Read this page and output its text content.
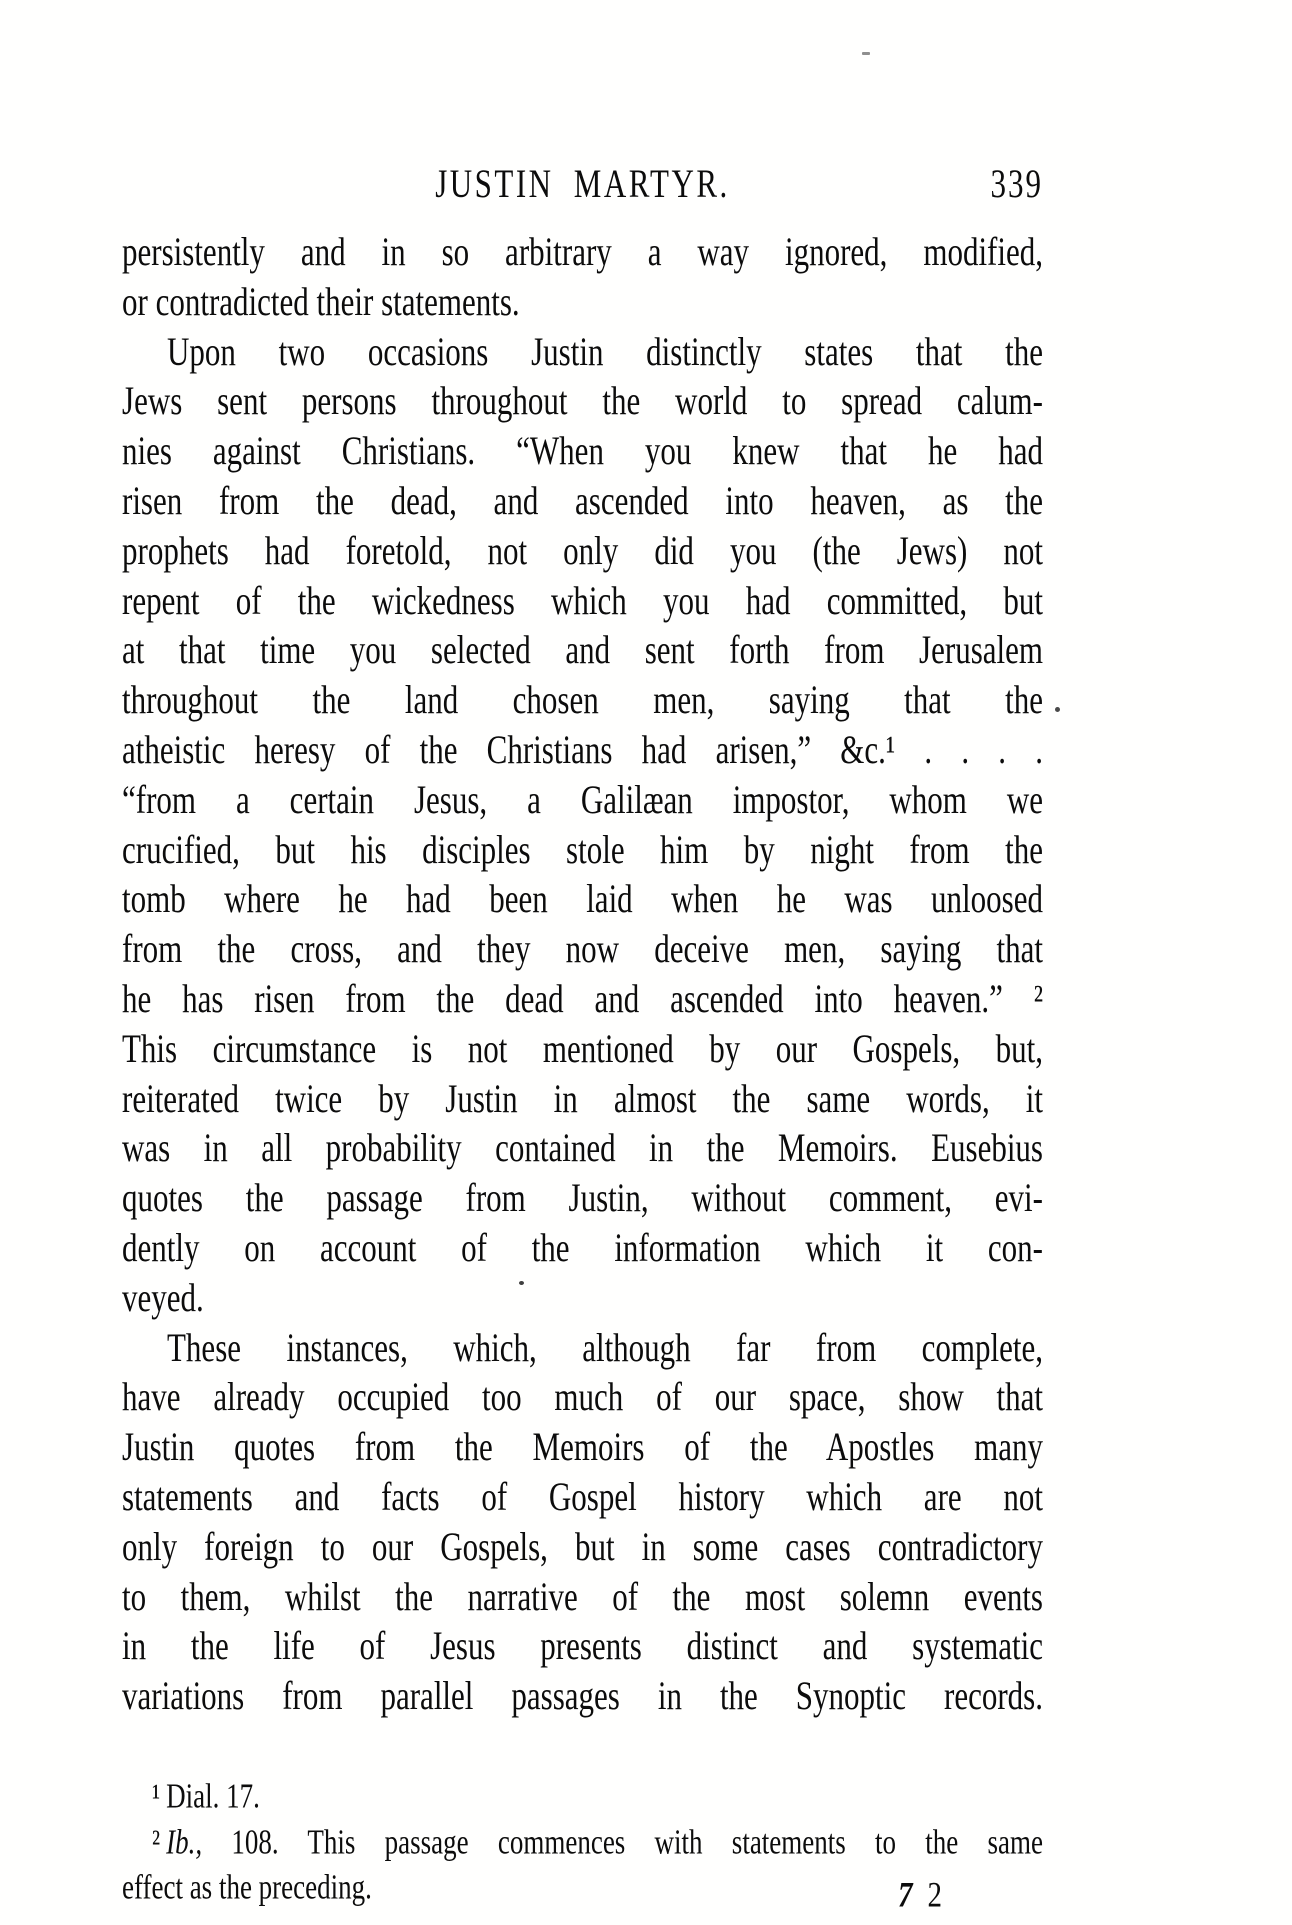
JUSTIN MARTYR.	339
persistently and in so arbitrary a way ignored, modified,
or contradicted their statements.
Upon two occasions Justin distinctly states that the
Jews sent persons throughout the world to spread calum-
nies against Christians. “When you knew that he had
risen from the dead, and ascended into heaven, as the
prophets had foretold, not only did you (the Jews) not
repent of the wickedness which you had committed, but
at that time you selected and sent forth from Jerusalem
throughout the land chosen men, saying that the
atheistic heresy of the Christians had arisen,” &c.¹ . . . .
“from a certain Jesus, a Galilæan impostor, whom we
crucified, but his disciples stole him by night from the
tomb where he had been laid when he was unloosed
from the cross, and they now deceive men, saying that
he has risen from the dead and ascended into heaven.” ²
This circumstance is not mentioned by our Gospels, but,
reiterated twice by Justin in almost the same words, it
was in all probability contained in the Memoirs. Eusebius
quotes the passage from Justin, without comment, evi-
dently on account of the information which it con-
veyed.
These instances, which, although far from complete,
have already occupied too much of our space, show that
Justin quotes from the Memoirs of the Apostles many
statements and facts of Gospel history which are not
only foreign to our Gospels, but in some cases contradictory
to them, whilst the narrative of the most solemn events
in the life of Jesus presents distinct and systematic
variations from parallel passages in the Synoptic records.
¹Dial. 17.
²Ib., 108. This passage commences with statements to the same
effect as the preceding.	7 2
